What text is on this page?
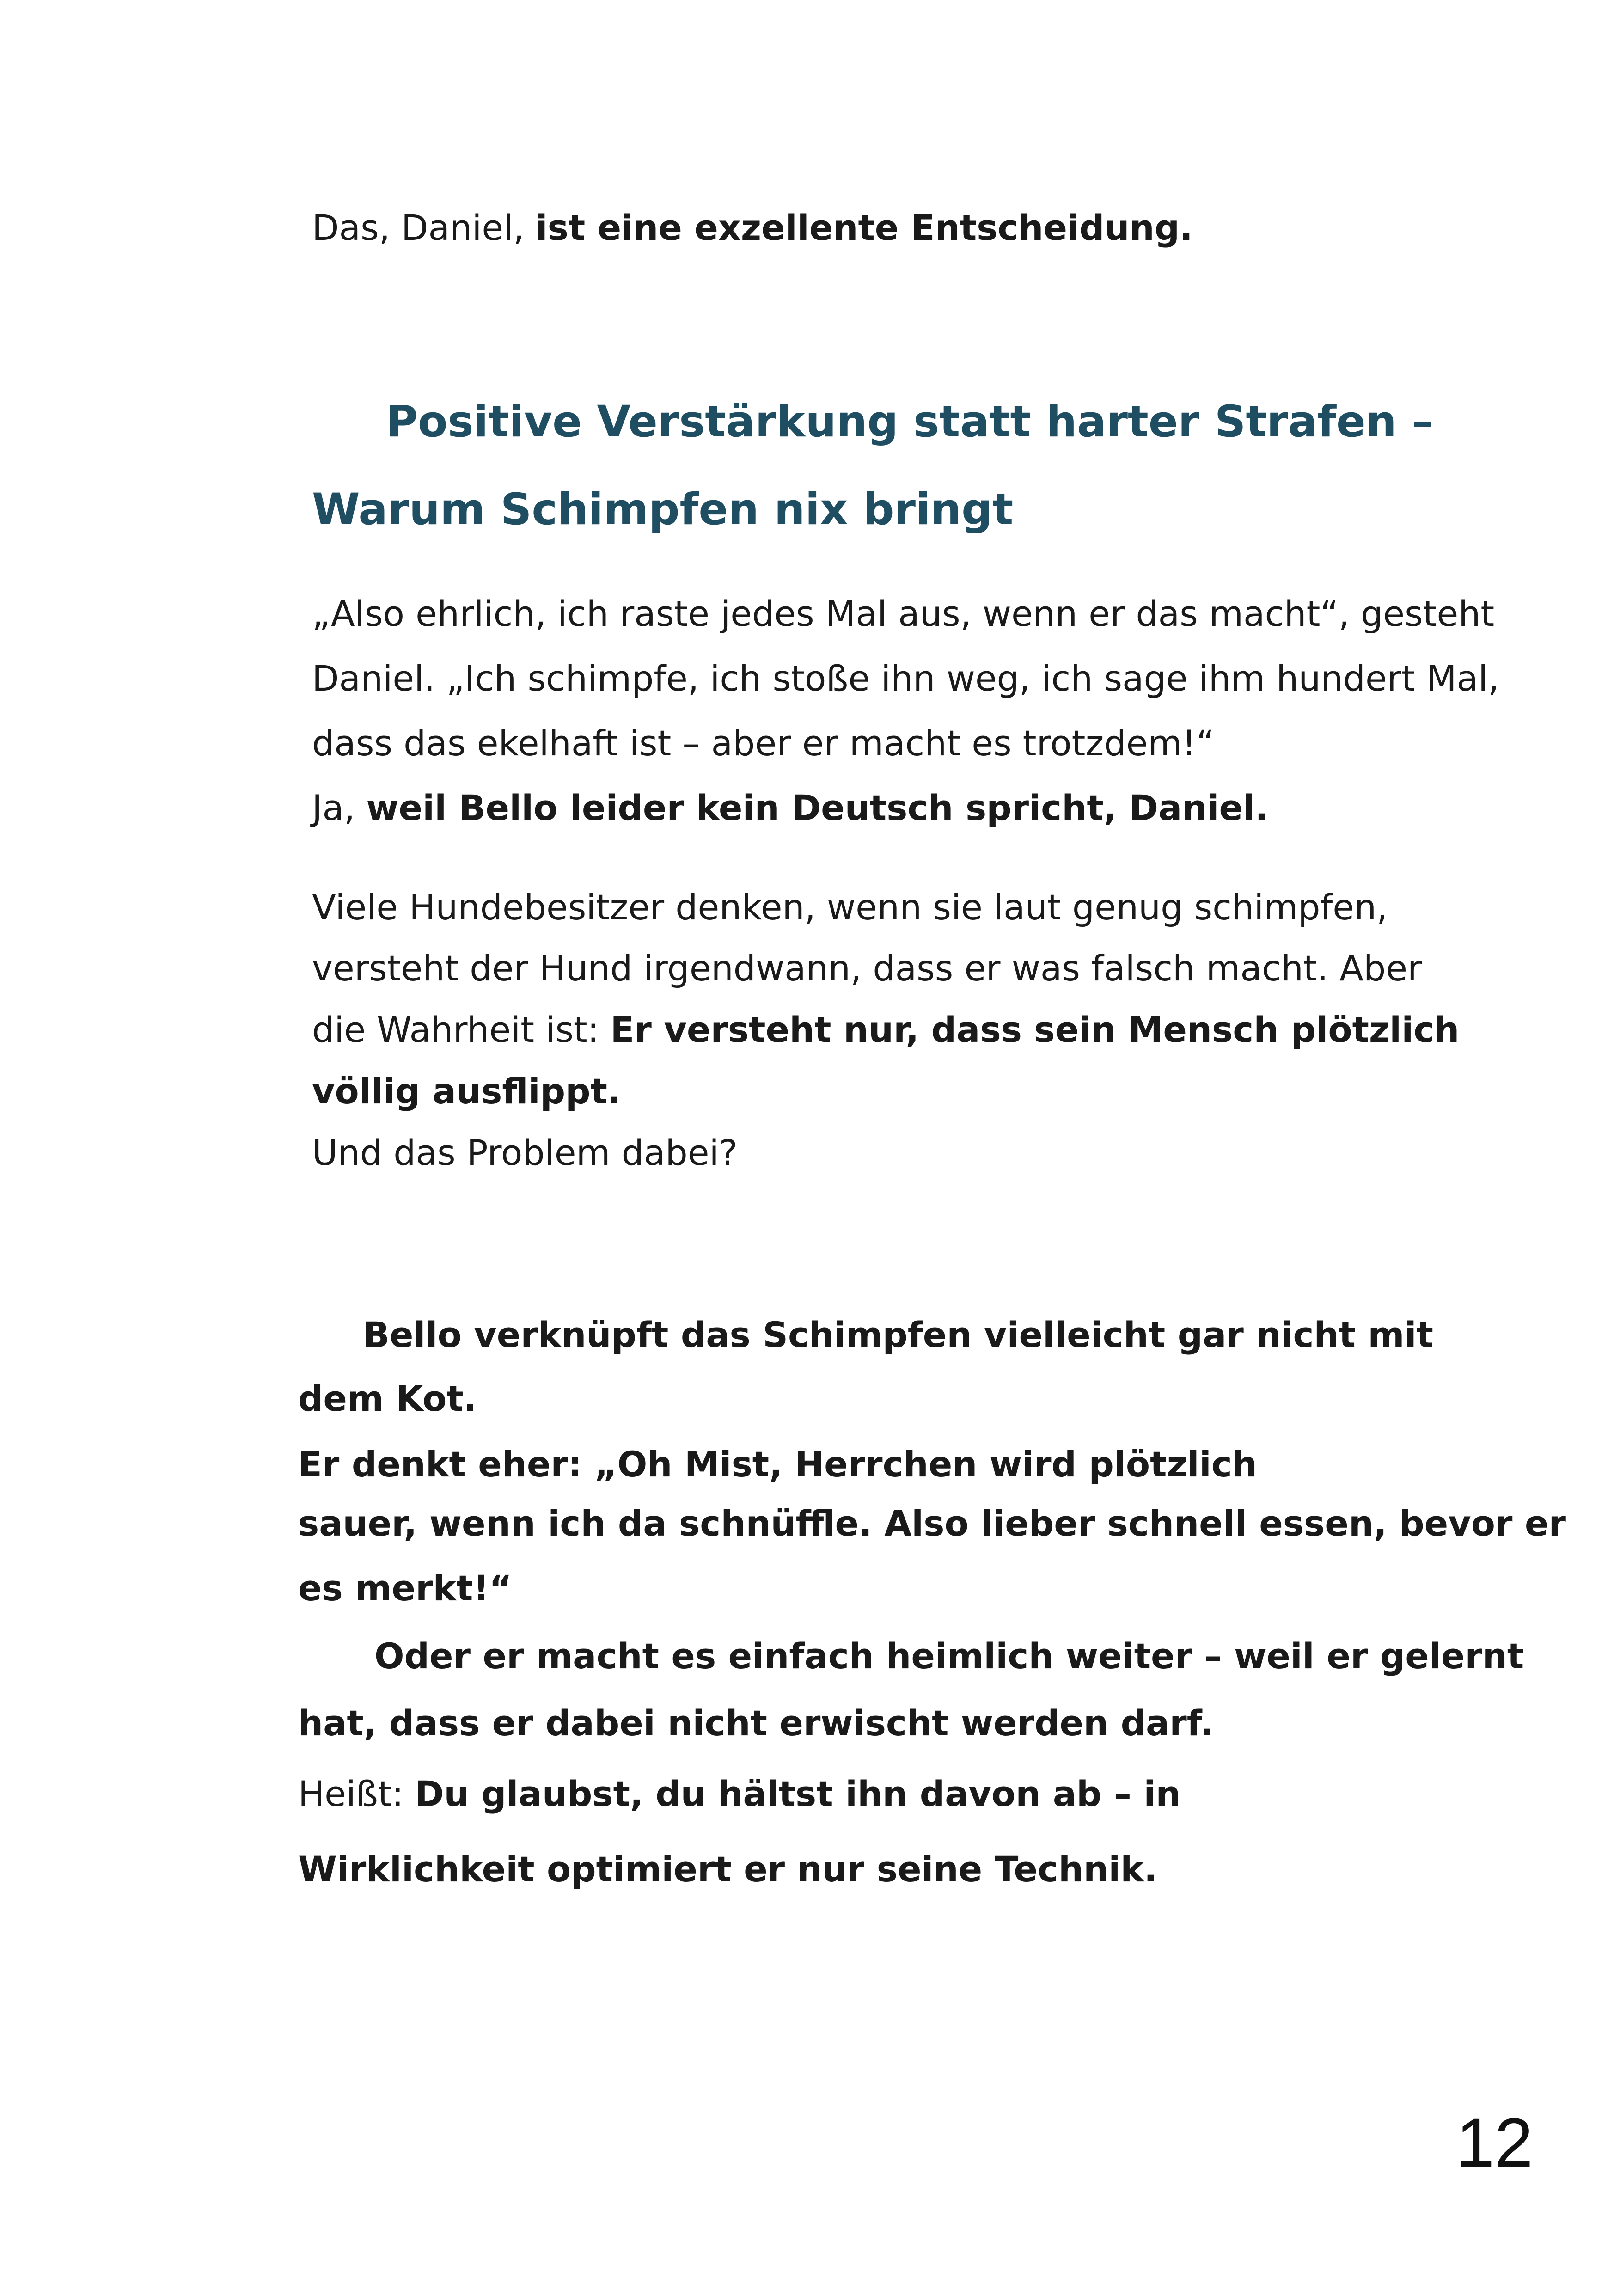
Das, Daniel, ist eine exzellente Entscheidung.
Positive Verstärkung statt harter Strafen –
Warum Schimpfen nix bringt
„Also ehrlich, ich raste jedes Mal aus, wenn er das macht“, gesteht
Daniel. „Ich schimpfe, ich stoße ihn weg, ich sage ihm hundert Mal,
dass das ekelhaft ist – aber er macht es trotzdem!“
Ja, weil Bello leider kein Deutsch spricht, Daniel.
Viele Hundebesitzer denken, wenn sie laut genug schimpfen,
versteht der Hund irgendwann, dass er was falsch macht. Aber
die Wahrheit ist: Er versteht nur, dass sein Mensch plötzlich
völlig ausflippt.
Und das Problem dabei?
Bello verknüpft das Schimpfen vielleicht gar nicht mit
dem Kot.
Er denkt eher: „Oh Mist, Herrchen wird plötzlich
sauer, wenn ich da schnüffle. Also lieber schnell essen, bevor er
es merkt!“
Oder er macht es einfach heimlich weiter – weil er gelernt
hat, dass er dabei nicht erwischt werden darf.
Heißt: Du glaubst, du hältst ihn davon ab – in
Wirklichkeit optimiert er nur seine Technik.
12
